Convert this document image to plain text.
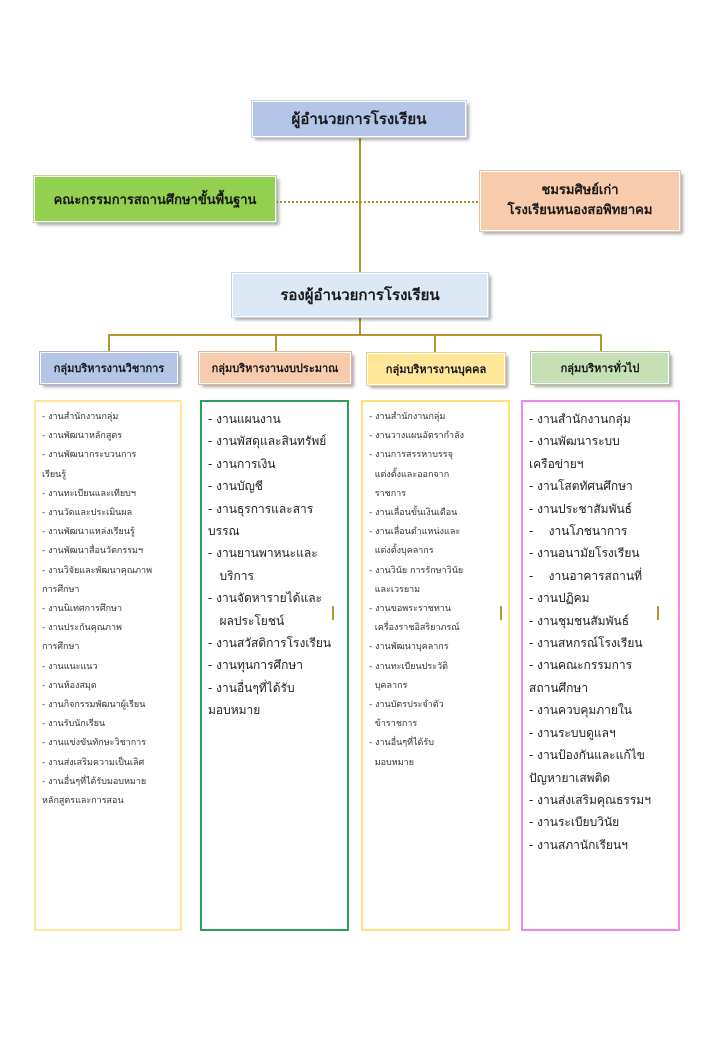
ผู้อำนวยการโรงเรียน
คณะกรรมการสถานศึกษาขั้นพื้นฐาน
ชมรมศิษย์เก่า
โรงเรียนหนองสอพิทยาคม
รองผู้อำนวยการโรงเรียน
กลุ่มบริหารงานวิชาการ	กลุ่มบริหารงานงบประมาณ	กลุ่มบริหารงานบุคคล	กลุ่มบริหารทั่วไป
- งานสำนักงานกลุ่ม
- งานพัฒนาหลักสูตร
- งานพัฒนากระบวนการ
เรียนรู้
- งานทะเบียนและเทียบฯ
- งานวัดและประเมินผล
- งานพัฒนาแหล่งเรียนรู้
- งานพัฒนาสื่อนวัตกรรมฯ
- งานวิจัยและพัฒนาคุณภาพ
การศึกษา
- งานนิเทศการศึกษา
- งานประกันคุณภาพ
การศึกษา
- งานแนะแนว
- งานห้องสมุด
- งานกิจกรรมพัฒนาผู้เรียน
- งานรับนักเรียน
- งานแข่งขันทักษะวิชาการ
- งานส่งเสริมความเป็นเลิศ
- งานอื่นๆที่ได้รับมอบหมาย
หลักสูตรและการสอน
- งานแผนงาน
- งานพัสดุและสินทรัพย์
- งานการเงิน
- งานบัญชี
- งานธุรการและสาร
บรรณ
- งานยานพาหนะและ
บริการ
- งานจัดหารายได้และ
ผลประโยชน์
- งานสวัสดิการโรงเรียน
- งานทุนการศึกษา
- งานอื่นๆที่ได้รับ
มอบหมาย
- งานสำนักงานกลุ่ม
- งานวางแผนอัตรากำลัง
- งานการสรรหาบรรจุ
แต่งตั้งและออกจาก
ราชการ
- งานเลื่อนขั้นเงินเดือน
- งานเลื่อนตำแหน่งและ
แต่งตั้งบุคลากร
- งานวินัย การรักษาวินัย
และเวรยาม
- งานขอพระราชทาน
เครื่องราชอิสริยาภรณ์
- งานพัฒนาบุคลากร
- งานทะเบียนประวัติ
บุคลากร
- งานบัตรประจำตัว
ข้าราชการ
- งานอื่นๆที่ได้รับ
มอบหมาย
- งานสำนักงานกลุ่ม
- งานพัฒนาระบบ
เครือข่ายฯ
- งานโสตทัศนศึกษา
- งานประชาสัมพันธ์
-    งานโภชนาการ
- งานอนามัยโรงเรียน
-    งานอาคารสถานที่
- งานปฏิคม
- งานชุมชนสัมพันธ์
- งานสหกรณ์โรงเรียน
- งานคณะกรรมการ
สถานศึกษา
- งานควบคุมภายใน
- งานระบบดูแลฯ
- งานป้องกันและแก้ไข
ปัญหายาเสพติด
- งานส่งเสริมคุณธรรมฯ
- งานระเบียบวินัย
- งานสภานักเรียนฯ
